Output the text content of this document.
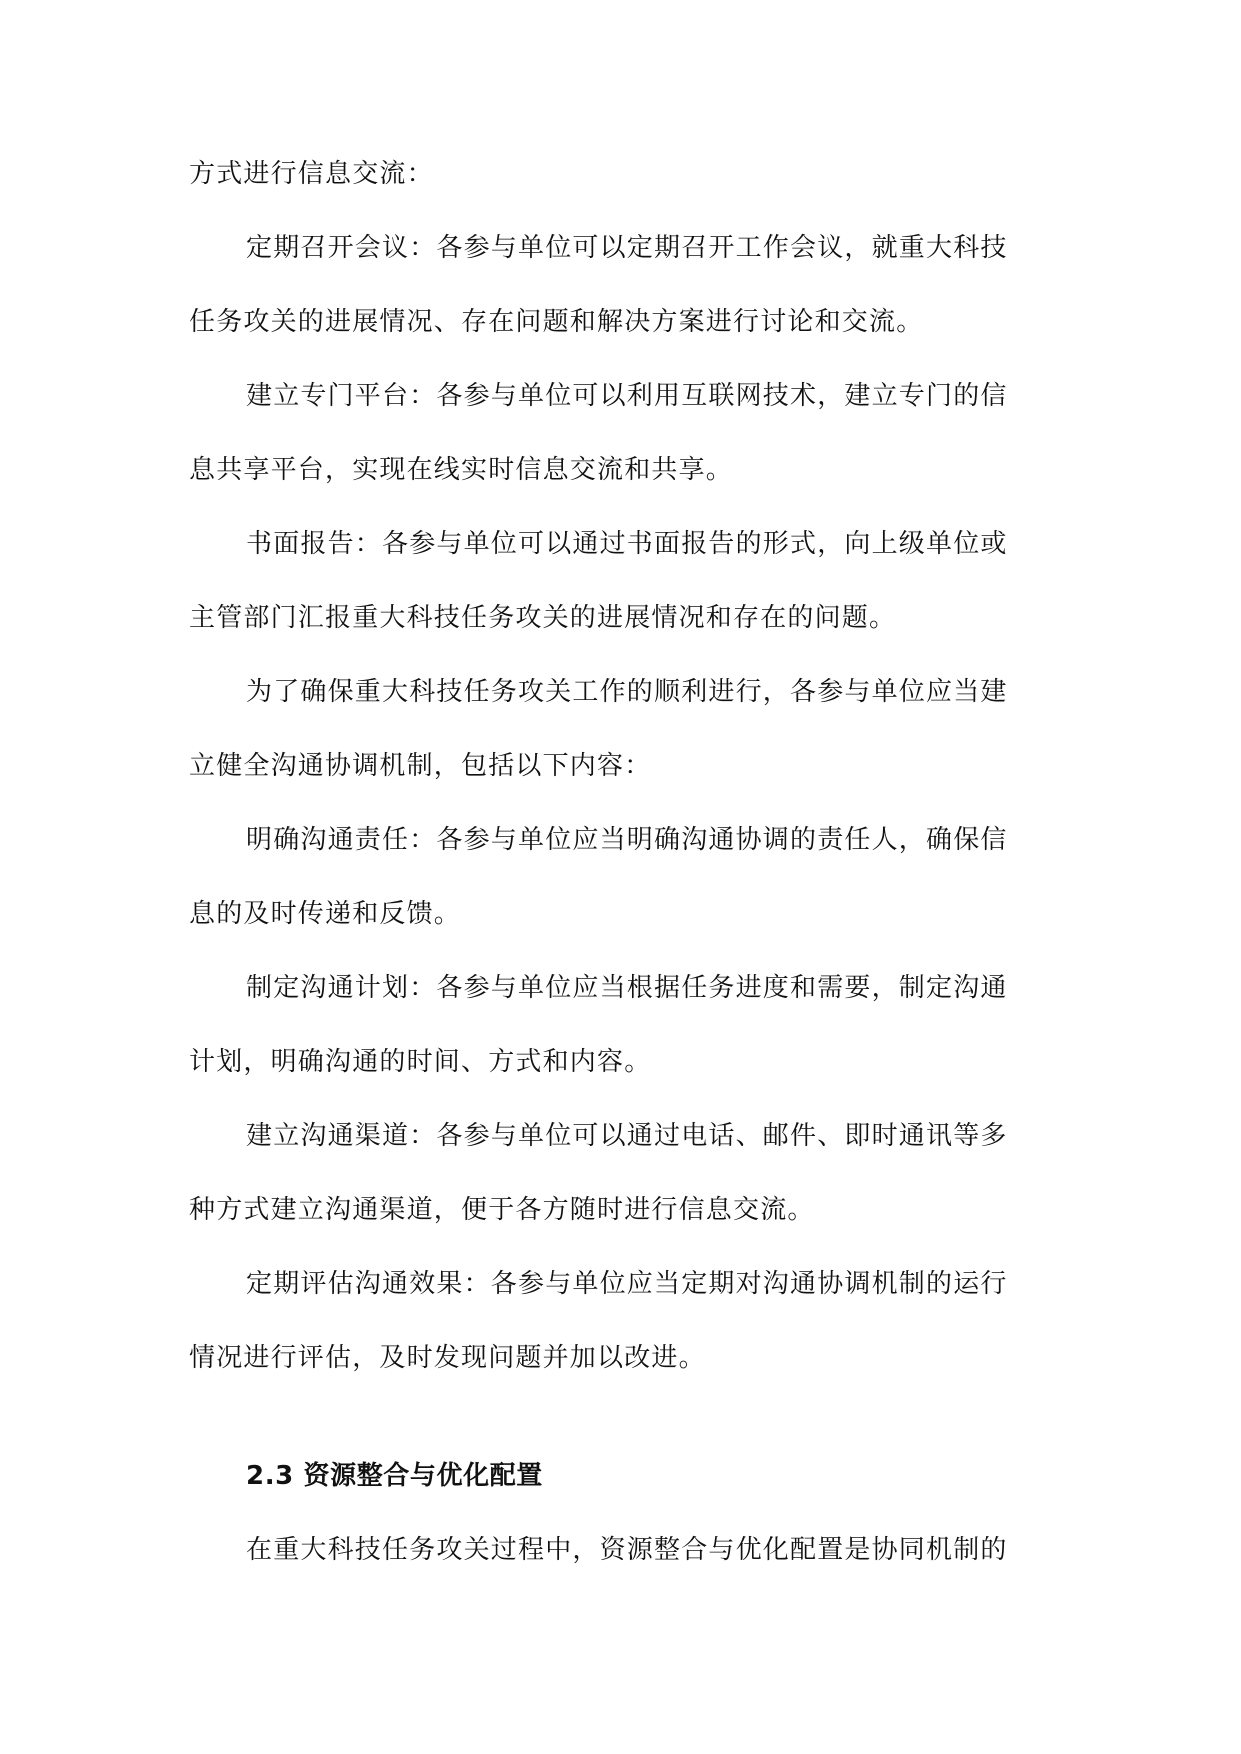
方式进行信息交流：
定期召开会议：各参与单位可以定期召开工作会议，就重大科技
任务攻关的进展情况、存在问题和解决方案进行讨论和交流。
建立专门平台：各参与单位可以利用互联网技术，建立专门的信
息共享平台，实现在线实时信息交流和共享。
书面报告：各参与单位可以通过书面报告的形式，向上级单位或
主管部门汇报重大科技任务攻关的进展情况和存在的问题。
为了确保重大科技任务攻关工作的顺利进行，各参与单位应当建
立健全沟通协调机制，包括以下内容：
明确沟通责任：各参与单位应当明确沟通协调的责任人，确保信
息的及时传递和反馈。
制定沟通计划：各参与单位应当根据任务进度和需要，制定沟通
计划，明确沟通的时间、方式和内容。
建立沟通渠道：各参与单位可以通过电话、邮件、即时通讯等多
种方式建立沟通渠道，便于各方随时进行信息交流。
定期评估沟通效果：各参与单位应当定期对沟通协调机制的运行
情况进行评估，及时发现问题并加以改进。
2.3 资源整合与优化配置
在重大科技任务攻关过程中，资源整合与优化配置是协同机制的
